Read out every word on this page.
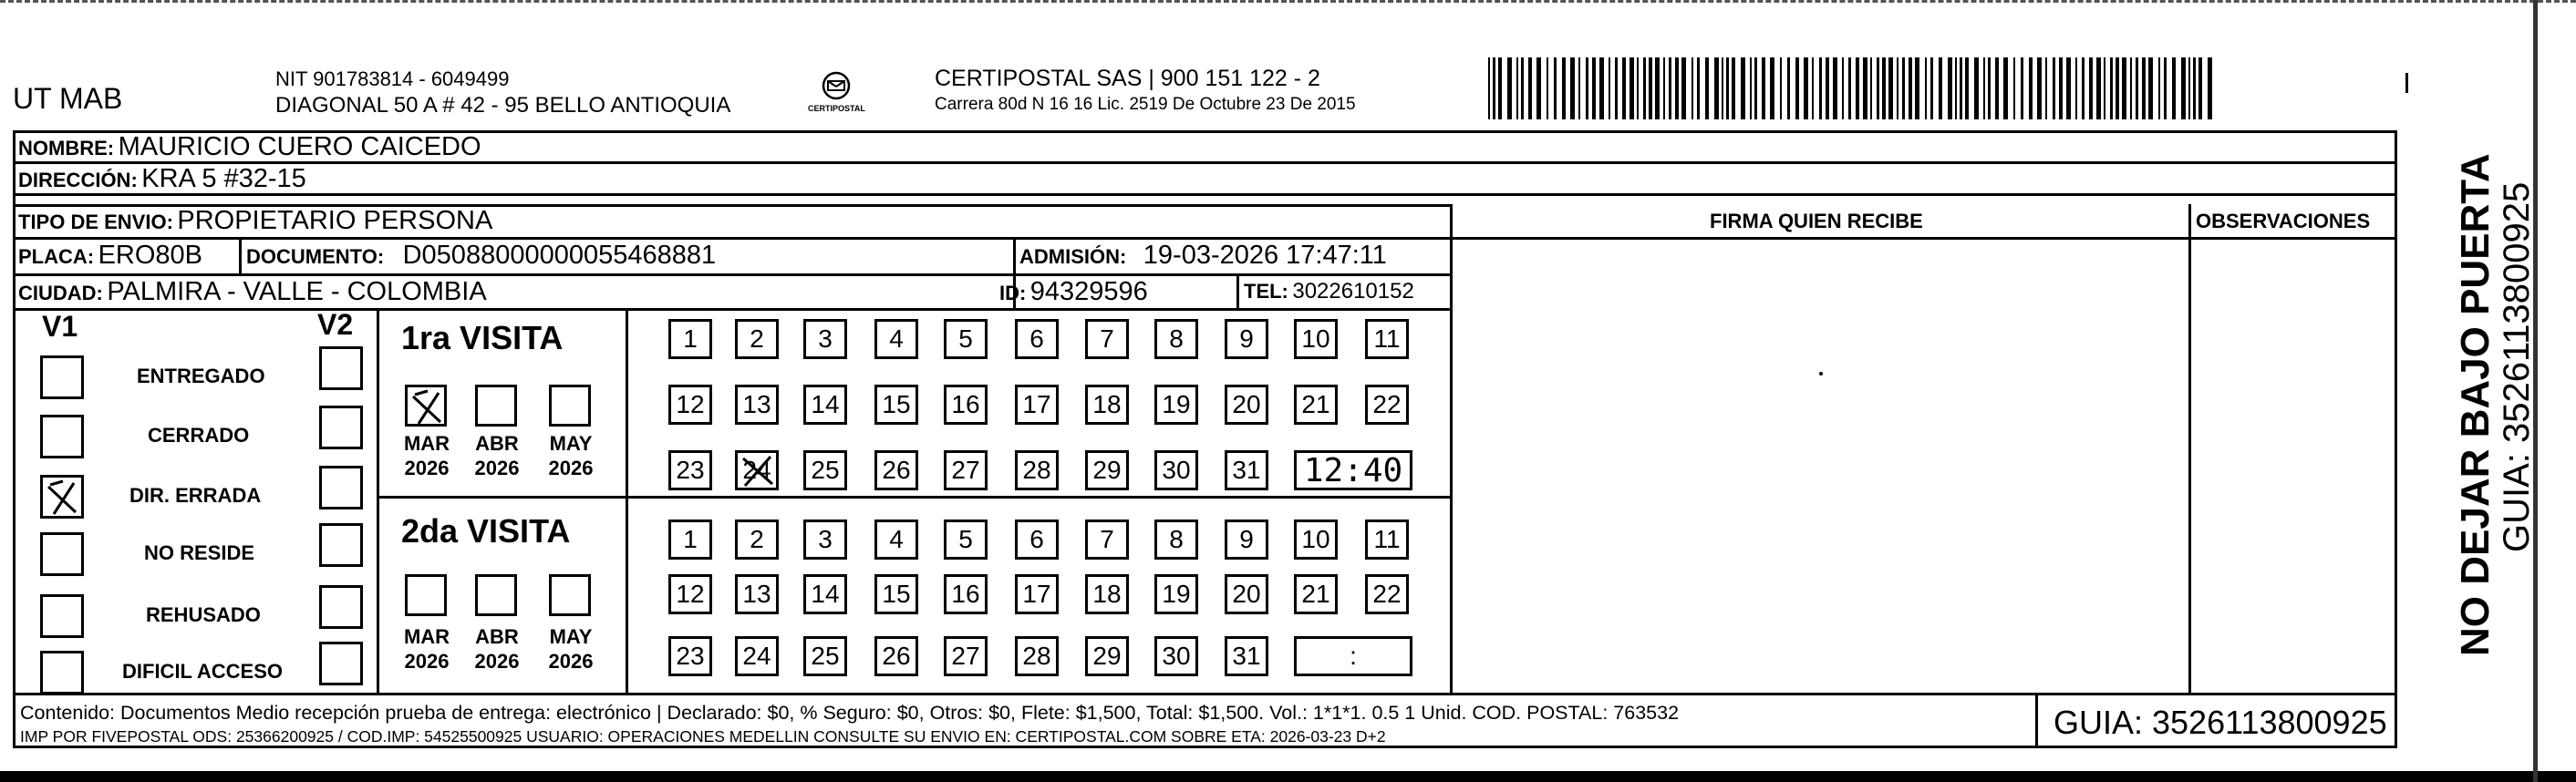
UT MAB
NIT 901783814 - 6049499
DIAGONAL 50 A # 42 - 95 BELLO ANTIOQUIA	CERTIPOSTAL
CERTIPOSTAL SAS | 900 151 122 - 2
Carrera 80d N 16 16 Lic. 2519 De Octubre 23 De 2015
NOMBRE: MAURICIO CUERO CAICEDO
DIRECCIÓN: KRA 5 #32-15
TIPO DE ENVIO: PROPIETARIO PERSONA	FIRMA QUIEN RECIBE	OBSERVACIONES
PLACA: ERO80B DOCUMENTO: D05088000000055468881	ADMISIÓN: 19-03-2026 17:47:11
CIUDAD: PALMIRA - VALLE - COLOMBIA	ID: 94329596	TEL: 3022610152
V1	V2
ENTREGADO
CERRADO
DIR. ERRADA
NO RESIDE
REHUSADO
DIFICIL ACCESO
1ra VISITA
2da VISITA
1	2	3	4	5	6	7	8	9	10	11
12	13	14	15	16	17	18	19	20	21	22
23	24	25	26	27	28	29	30	31	12:40
1	2	3	4	5	6	7	8	9	10	11
12	13	14	15	16	17	18	19	20	21	22
23	24	25	26	27	28	29	30	31	:
MAR
2026
ABR
2026
MAY
2026
MAR
2026
ABR
2026
MAY
2026
Contenido: Documentos Medio recepción prueba de entrega: electrónico | Declarado: $0, % Seguro: $0, Otros: $0, Flete: $1,500, Total: $1,500. Vol.: 1*1*1. 0.5 1 Unid. COD. POSTAL: 763532
IMP POR FIVEPOSTAL ODS: 25366200925 / COD.IMP: 54525500925 USUARIO: OPERACIONES MEDELLIN CONSULTE SU ENVIO EN: CERTIPOSTAL.COM SOBRE ETA: 2026-03-23 D+2	GUIA: 3526113800925
NO DEJAR BAJO PUERTA GUIA: 3526113800925
